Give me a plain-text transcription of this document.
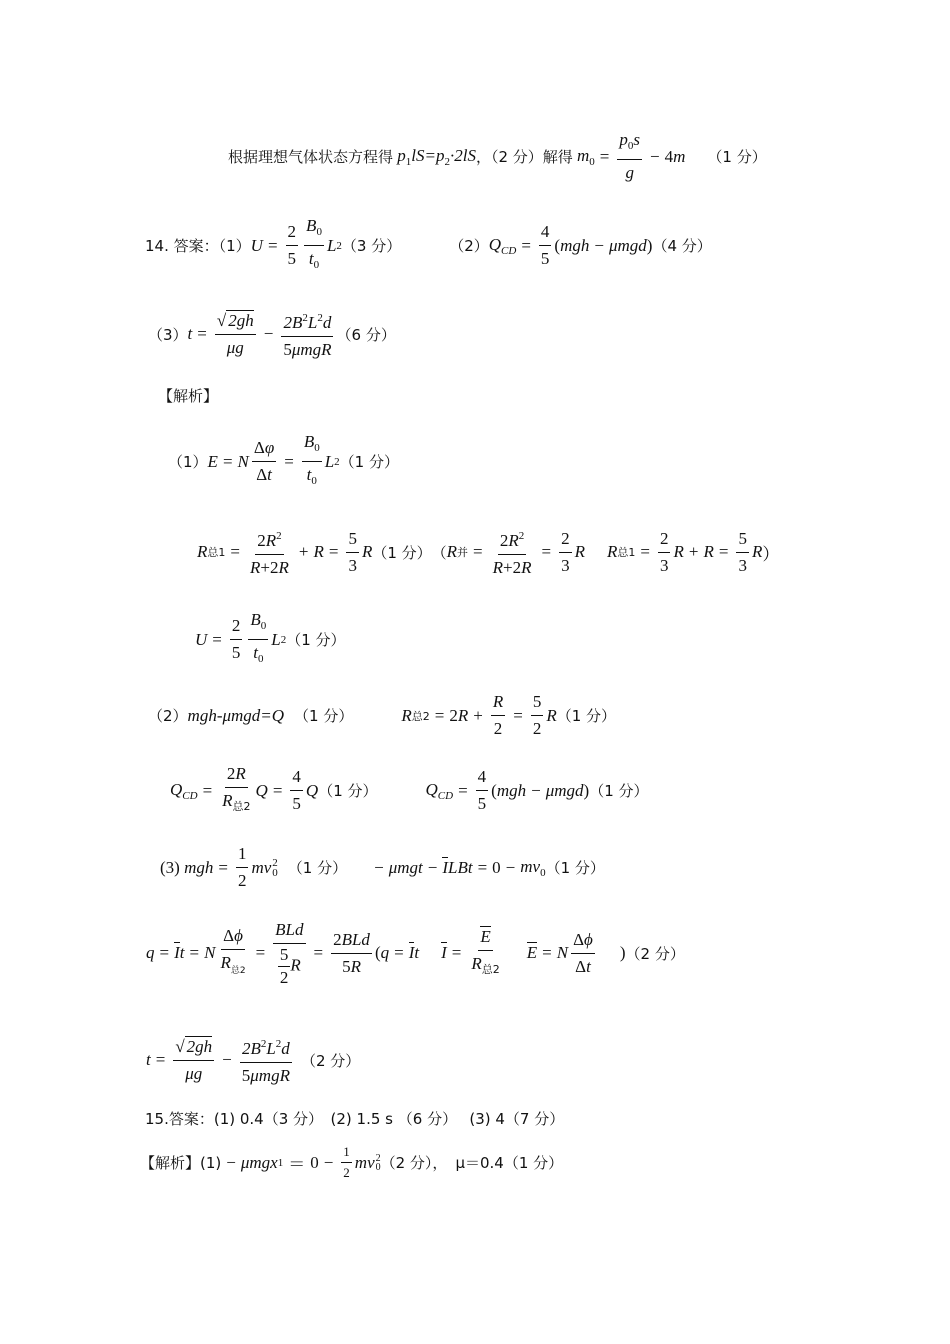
根据理想气体状态方程得 $p_1lS=p_2\cdot 2lS$ ，（2 分）解得 $m_0 = \frac{p_0s}{g} - 4$ m （1 分）
14. 答案：（1） $U = \frac{2}{5} \frac{B_0}{t_0}$ L 2 （3 分）	（2） $Q_{CD} = \frac{4}{5}$ ( mgh − μmgd ) （4 分）
（3） $t = \frac{√ 2gh}{\mu g} - \frac{2B^2L^2d}{\text{5μmgR}} (6$ 分）
【解析】
（1） E = N $\frac{\Delta\varphi}{\Delta t} = \frac{B_0}{t_0}$ L 2 （1 分）
R 总$1 = \frac{2R^2}{R+2R} + R = \frac{5}{3}$ R （1 分） （ R 并 = $\frac{2R^2}{R+2R} = \frac{2}{3}$ R R 总$1 = \frac{2}{3}$ $R + R = \frac{5}{3}$ R ）
$U = \frac{2}{5} \frac{B_0}{t_0}$ L 2 （1 分）
（2） mgh-μmgd=Q （1 分）	R 总2 = 2 $R + \frac{R}{2} = \frac{5}{2}$ R （1 分）
$Q_{CD} = \frac{2R}{R_{总2}}$ $Q = \frac{4}{5}$ Q （1 分）	$Q_{CD} = \frac{4}{5}$ ( mgh − μmgd ) （1 分）
(3) mgh = $\frac{1}{2}$ mv 2
0 （1 分） − μmgt − ILBt = $0 - mv_0$ （1 分）
q = It = N $\frac{\Delta\phi}{R_{总2}} = \frac{\text{BLd}}{\frac{5}{2} R} = \frac{\text{2BLd}}{5R}$ ( q = It $I = \frac{E}{R_{总2}}$ E = N $\frac{\Delta\phi}{\Delta t}$ ) （2 分）
$t = \frac{√ 2gh}{\mu g} - \frac{2B^2L^2d}{\text{5μmgR}} (2$ 分）
15.答案：(1) 0.4（3 分）　(2) 1.5 s （6 分）　 (3) 4（7 分）
【解析】(1) − μmgx $1 = 0 - \frac{1}{2}$ mv 2
0 （2 分）， μ＝0.4（1 分）
